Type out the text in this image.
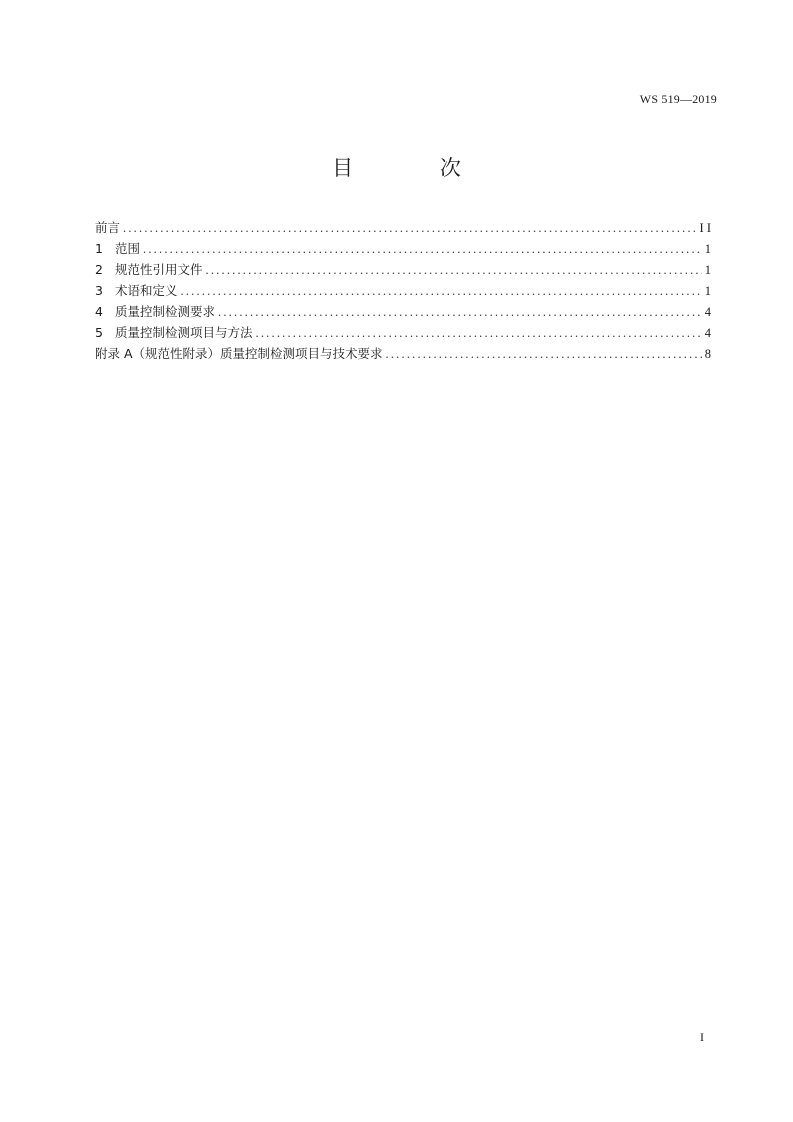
WS 519—2019
目 次
前言 .....	I I
1 范围 .....	1
2 规范性引用文件 .....	1
3 术语和定义 .....	1
4 质量控制检测要求 .....	4
5 质量控制检测项目与方法 .....	4
附录 A（规范性附录）质量控制检测项目与技术要求 .....	8
I
